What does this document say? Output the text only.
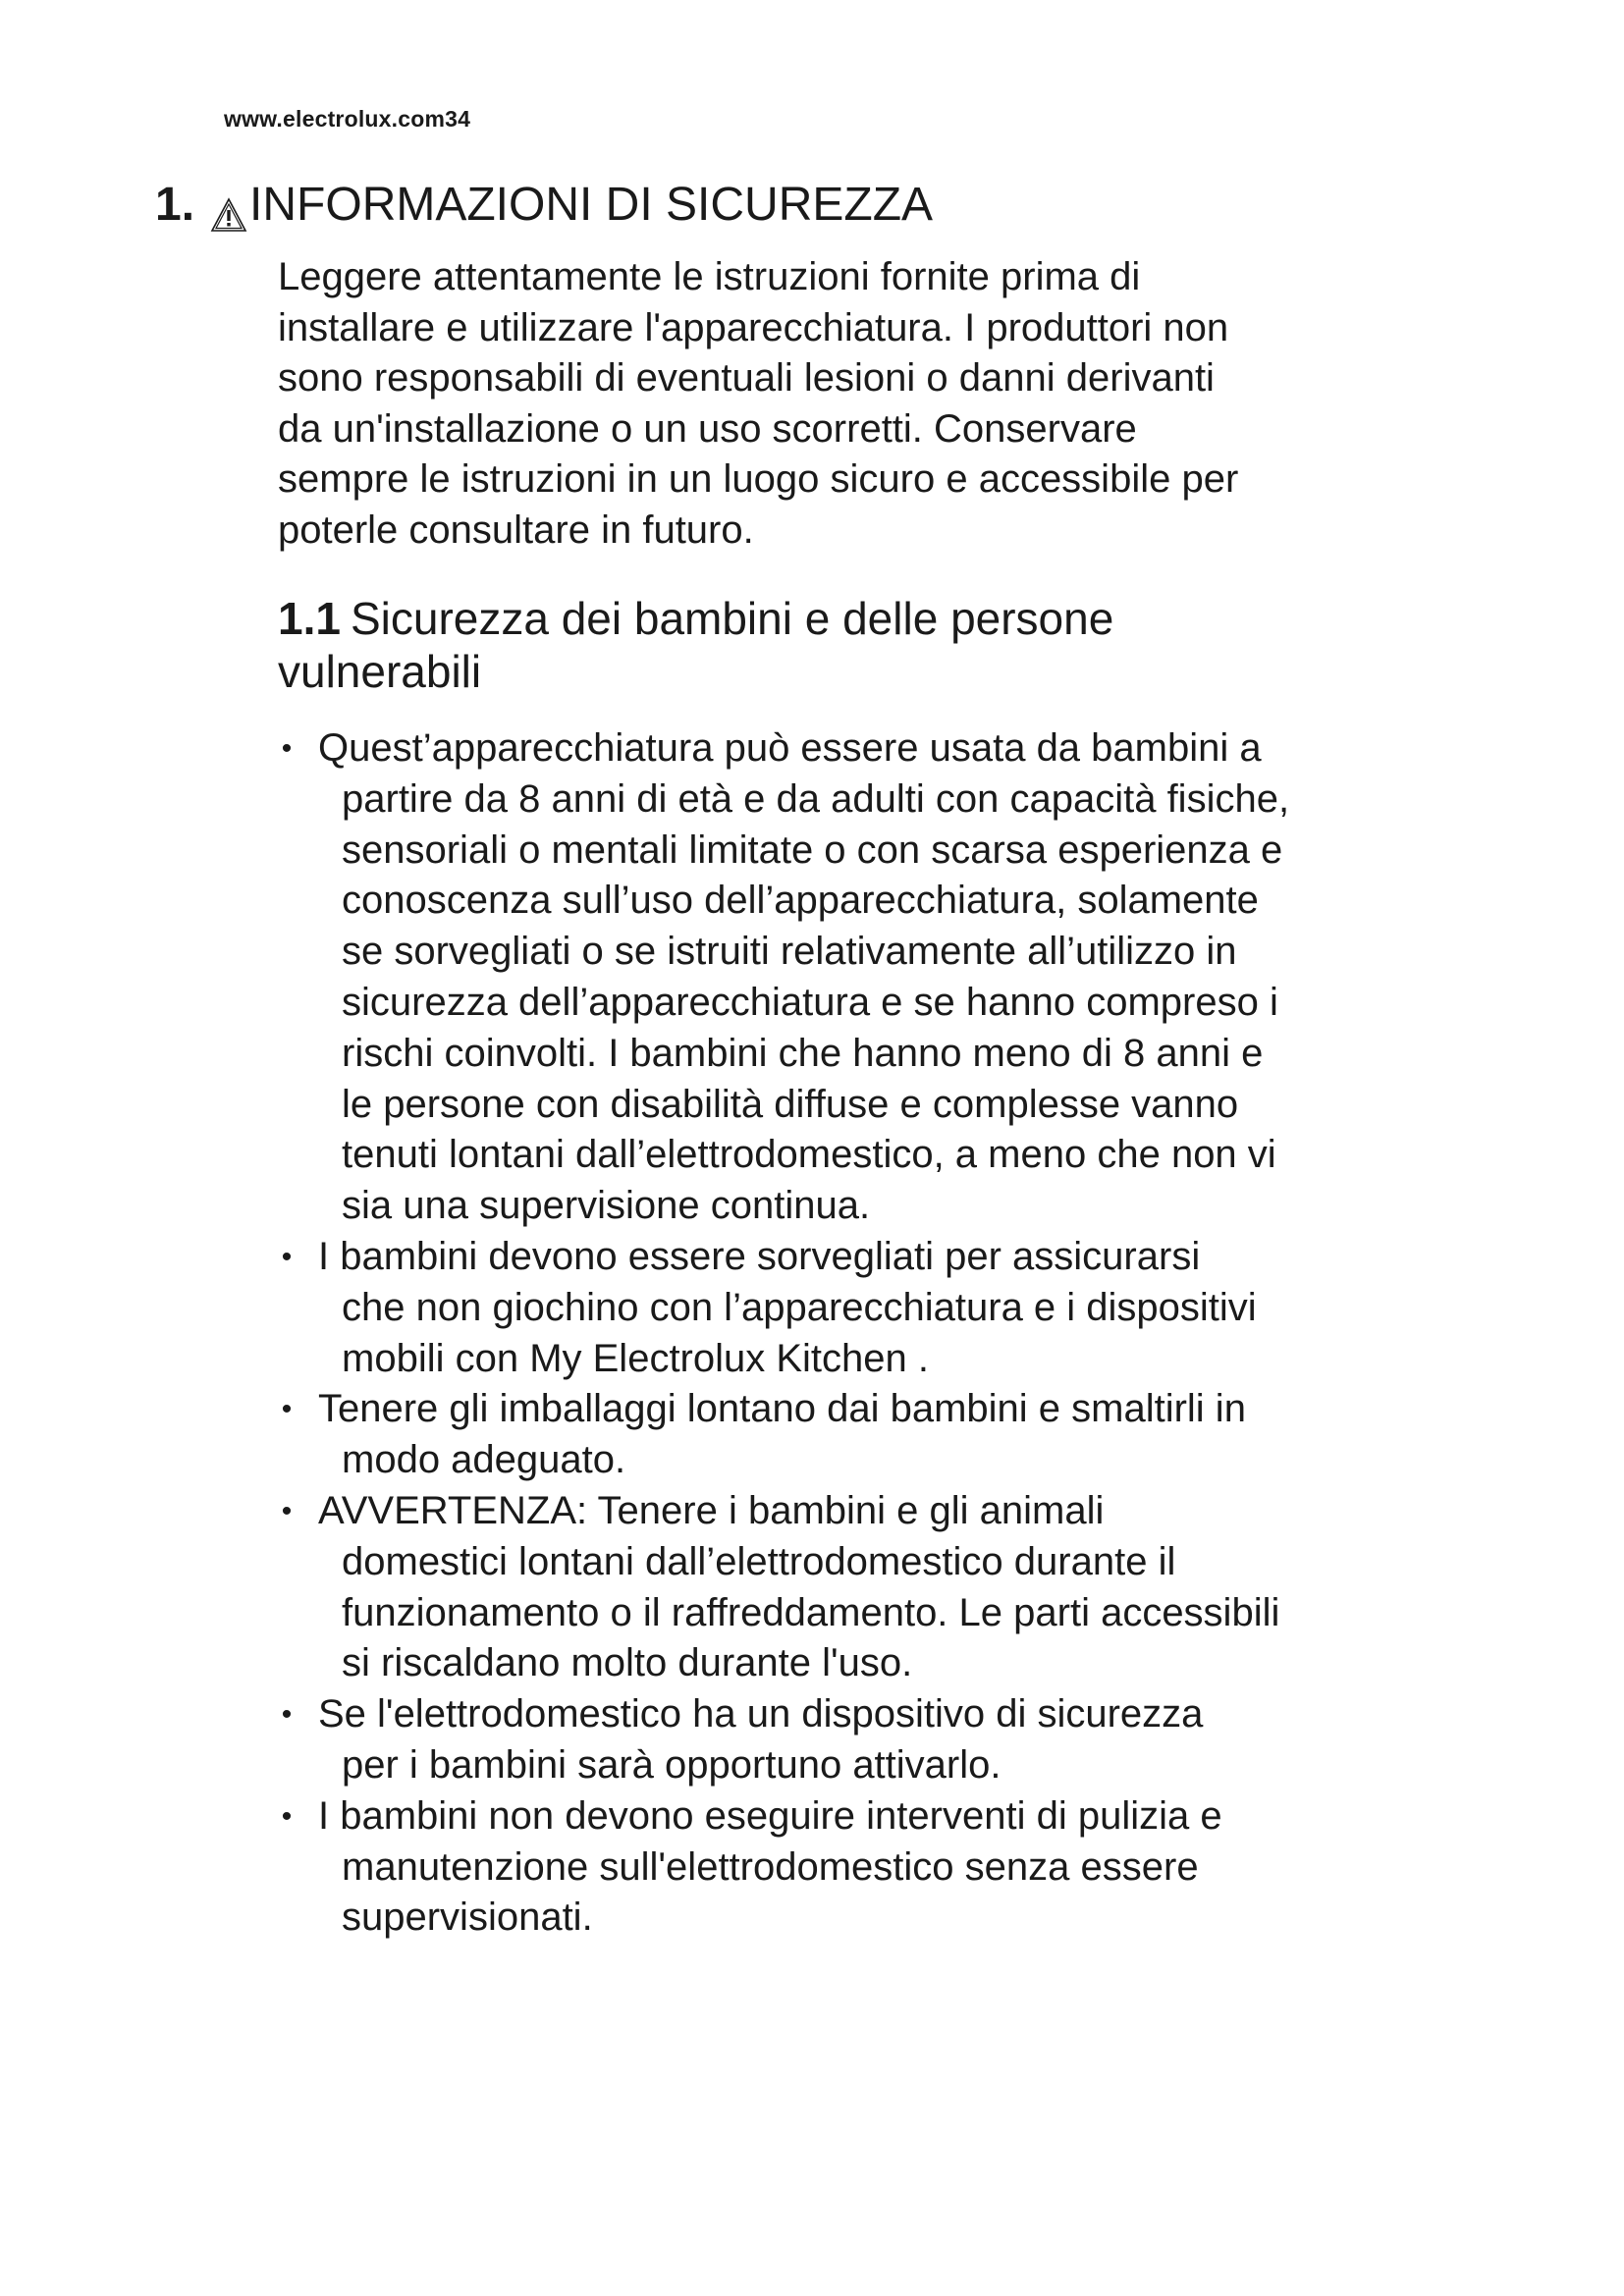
www.electrolux.com34
1. INFORMAZIONI DI SICUREZZA

Leggere attentamente le istruzioni fornite prima di

installare e utilizzare l'apparecchiatura. I produttori non

sono responsabili di eventuali lesioni o danni derivanti

da un'installazione o un uso scorretti. Conservare

sempre le istruzioni in un luogo sicuro e accessibile per

poterle consultare in futuro.

1.1 Sicurezza dei bambini e delle persone
vulnerabili
• Quest’apparecchiatura può essere usata da bambini a
partire da 8 anni di età e da adulti con capacità fisiche,
sensoriali o mentali limitate o con scarsa esperienza e
conoscenza sull’uso dell’apparecchiatura, solamente
se sorvegliati o se istruiti relativamente all’utilizzo in
sicurezza dell’apparecchiatura e se hanno compreso i
rischi coinvolti. I bambini che hanno meno di 8 anni e
le persone con disabilità diffuse e complesse vanno
tenuti lontani dall’elettrodomestico, a meno che non vi
sia una supervisione continua.
• I bambini devono essere sorvegliati per assicurarsi
che non giochino con l’apparecchiatura e i dispositivi
mobili con My Electrolux Kitchen .
• Tenere gli imballaggi lontano dai bambini e smaltirli in
modo adeguato.
• AVVERTENZA: Tenere i bambini e gli animali
domestici lontani dall’elettrodomestico durante il
funzionamento o il raffreddamento. Le parti accessibili
si riscaldano molto durante l'uso.
• Se l'elettrodomestico ha un dispositivo di sicurezza
per i bambini sarà opportuno attivarlo.
• I bambini non devono eseguire interventi di pulizia e
manutenzione sull'elettrodomestico senza essere
supervisionati.
